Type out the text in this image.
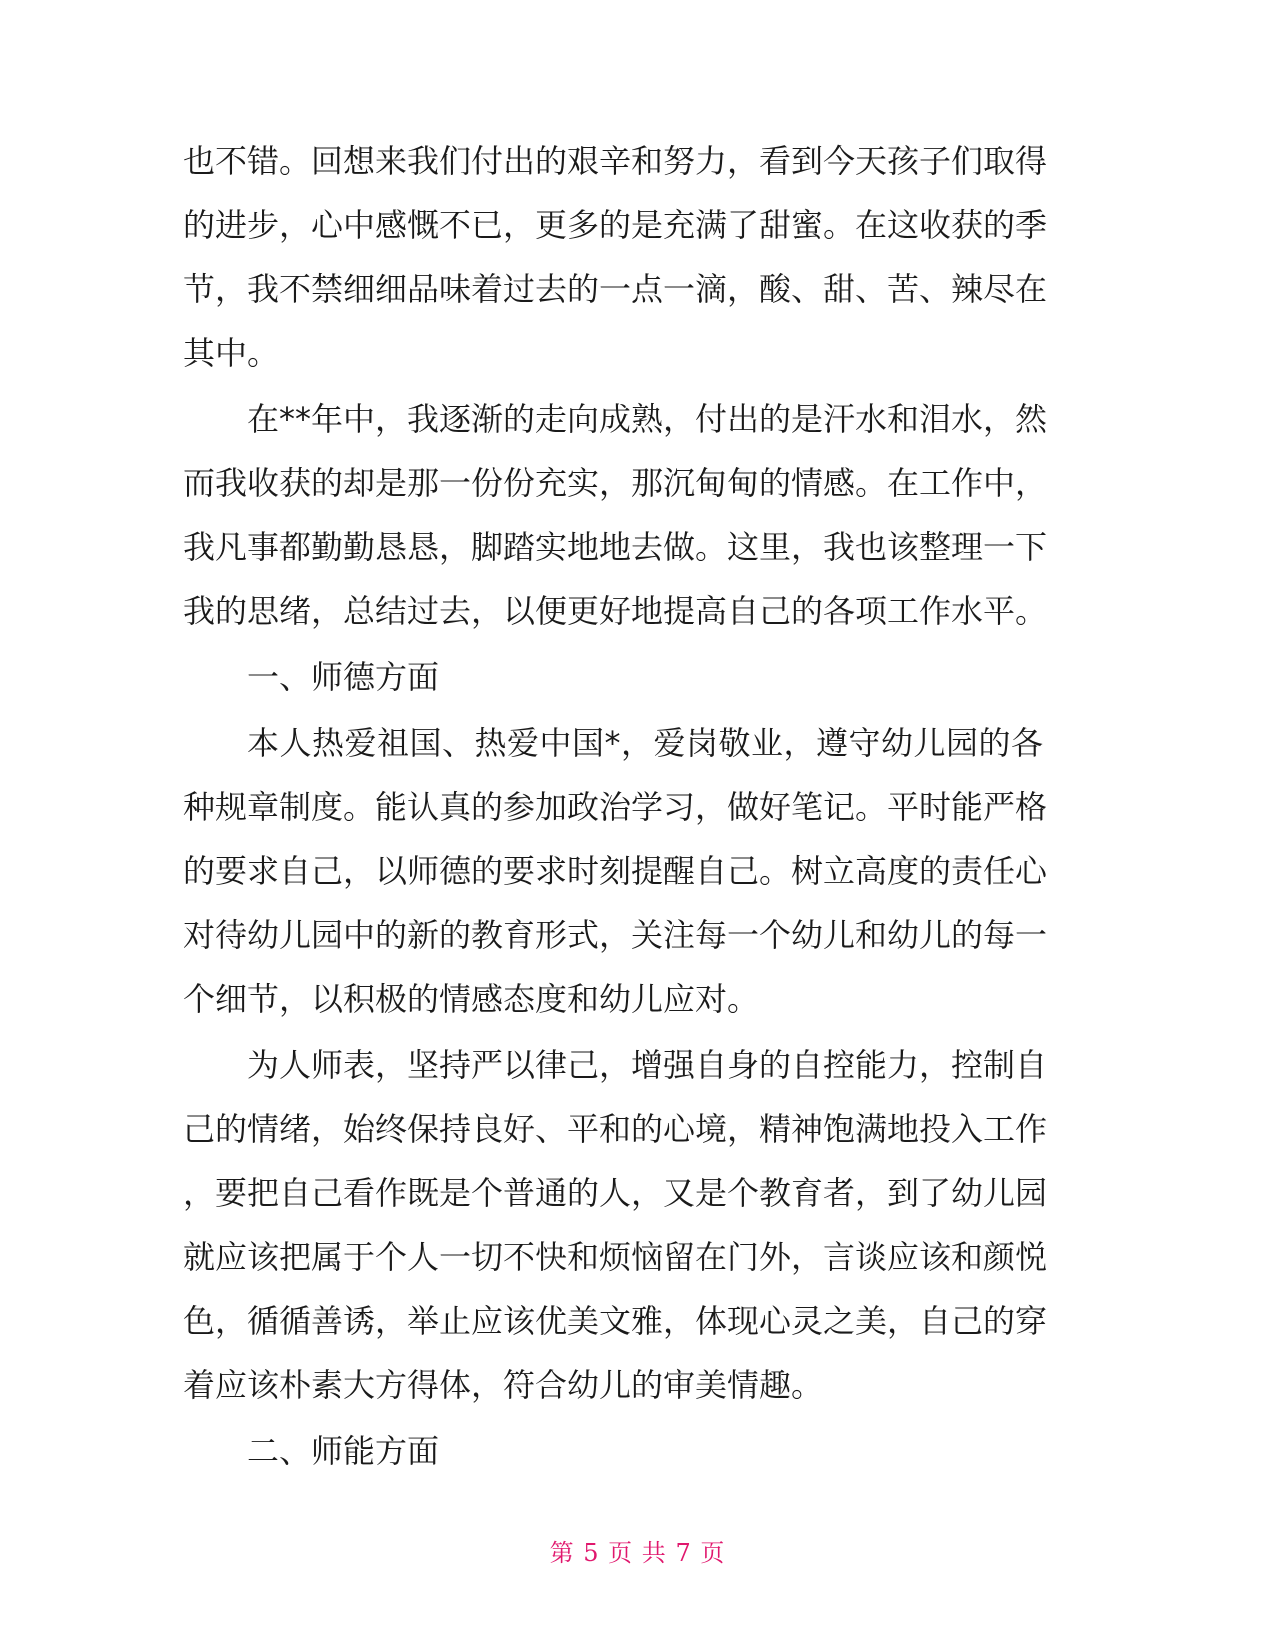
也不错。回想来我们付出的艰辛和努力，看到今天孩子们取得
的进步，心中感慨不已，更多的是充满了甜蜜。在这收获的季
节，我不禁细细品味着过去的一点一滴，酸、甜、苦、辣尽在
其中。
在**年中，我逐渐的走向成熟，付出的是汗水和泪水，然
而我收获的却是那一份份充实，那沉甸甸的情感。在工作中，
我凡事都勤勤恳恳，脚踏实地地去做。这里，我也该整理一下
我的思绪，总结过去，以便更好地提高自己的各项工作水平。
一、师德方面
本人热爱祖国、热爱中国*，爱岗敬业，遵守幼儿园的各
种规章制度。能认真的参加政治学习，做好笔记。平时能严格
的要求自己，以师德的要求时刻提醒自己。树立高度的责任心
对待幼儿园中的新的教育形式，关注每一个幼儿和幼儿的每一
个细节，以积极的情感态度和幼儿应对。
为人师表，坚持严以律己，增强自身的自控能力，控制自
己的情绪，始终保持良好、平和的心境，精神饱满地投入工作
，要把自己看作既是个普通的人，又是个教育者，到了幼儿园
就应该把属于个人一切不快和烦恼留在门外，言谈应该和颜悦
色，循循善诱，举止应该优美文雅，体现心灵之美，自己的穿
着应该朴素大方得体，符合幼儿的审美情趣。
二、师能方面
第 5 页 共 7 页
